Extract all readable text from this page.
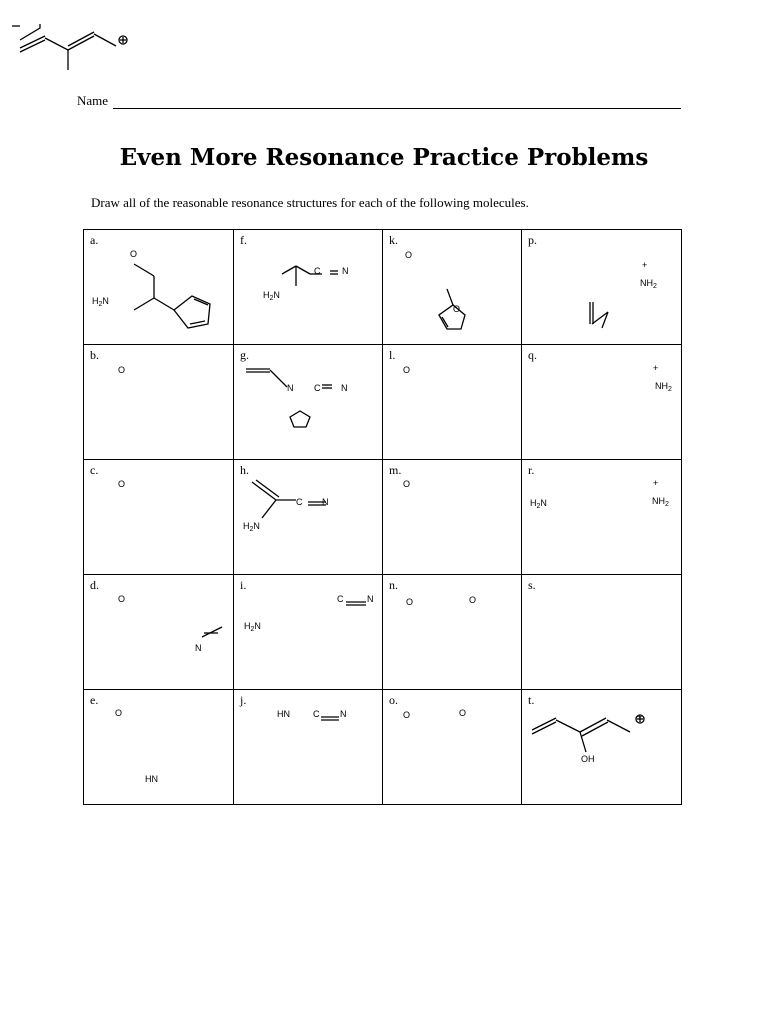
Name
Even More Resonance Practice Problems
Draw all of the reasonable resonance structures for each of the following molecules.
a.
O
$H_2N$	f.
C N
$H_2N$	k.
O
O	p.
+
$NH_2$

b.
O	g.
N C N	l.
O	q.
+
$NH_2$

c.
O	h.
C N
$H_2N$	m.
O	r.
+
$NH_2$
$H_2N$

d.
O
N	i.
C N
$H_2N$	n.
O O	s.

e.
O
HN	j.
HN C N	o.
O O	t.
+
OH
